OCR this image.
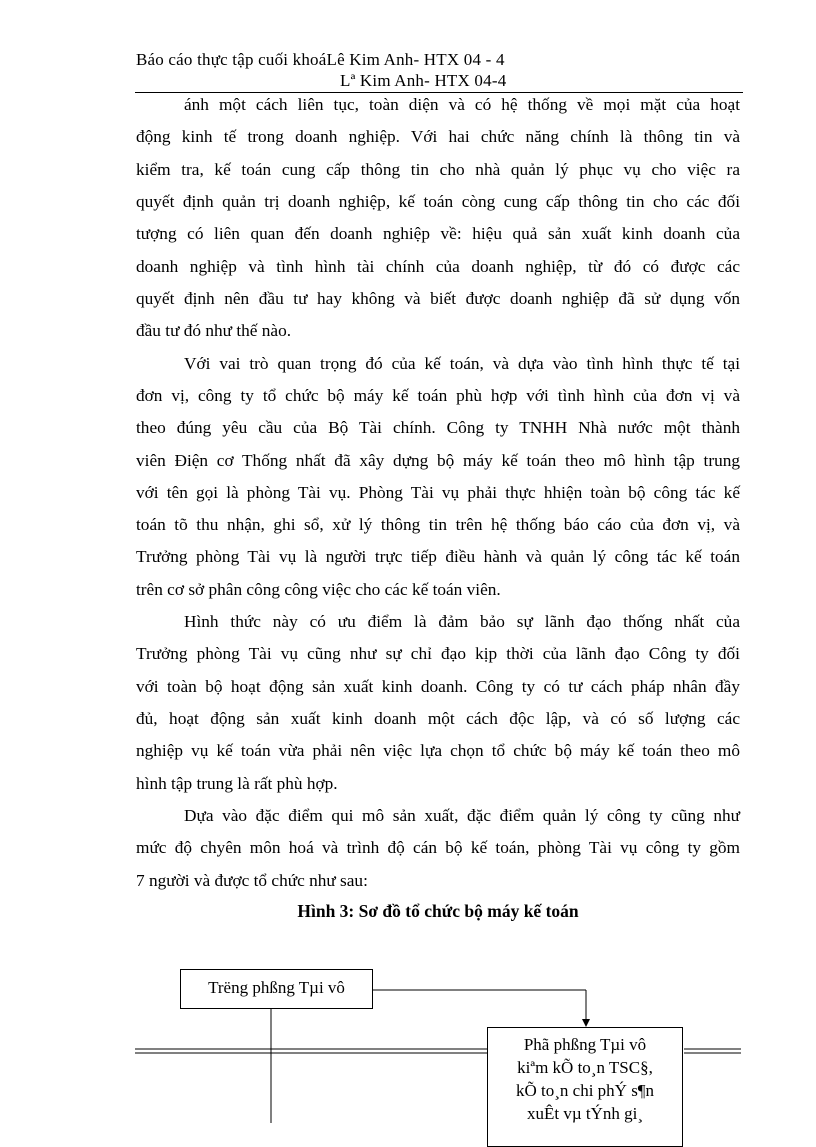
Báo cáo thực tập cuối khoáLê Kim Anh- HTX 04 - 4
Lª Kim Anh- HTX 04-4
ánh một cách liên tục, toàn diện và có hệ thống về mọi mặt của hoạt
động kinh tế trong doanh nghiệp. Với hai chức năng chính là thông tin và
kiểm tra, kế toán cung cấp thông tin cho nhà quản lý phục vụ cho việc ra
quyết định quản trị doanh nghiệp, kế toán còng cung cấp thông tin cho các đối
tượng có liên quan đến doanh nghiệp về: hiệu quả sản xuất kinh doanh của
doanh nghiệp và tình hình tài chính của doanh nghiệp, từ đó có được các
quyết định nên đầu tư hay không và biết được doanh nghiệp đã sử dụng vốn
đầu tư đó như thế nào.
Với vai trò quan trọng đó của kế toán, và dựa vào tình hình thực tế tại
đơn vị, công ty tổ chức bộ máy kế toán phù hợp với tình hình của đơn vị và
theo đúng yêu cầu của Bộ Tài chính. Công ty TNHH Nhà nước một thành
viên Điện cơ Thống nhất đã xây dựng bộ máy kế toán theo mô hình tập trung
với tên gọi là phòng Tài vụ. Phòng Tài vụ phải thực hhiện toàn bộ công tác kế
toán tõ thu nhận, ghi sổ, xử lý thông tin trên hệ thống báo cáo của đơn vị, và
Trưởng phòng Tài vụ là người trực tiếp điều hành và quản lý công tác kế toán
trên cơ sở phân công công việc cho các kế toán viên.
Hình thức này có ưu điểm là đảm bảo sự lãnh đạo thống nhất của
Trưởng phòng Tài vụ cũng như sự chỉ đạo kịp thời của lãnh đạo Công ty đối
với toàn bộ hoạt động sản xuất kinh doanh. Công ty có tư cách pháp nhân đầy
đủ, hoạt động sản xuất kinh doanh một cách độc lập, và có số lượng các
nghiệp vụ kế toán vừa phải nên việc lựa chọn tổ chức bộ máy kế toán theo mô
hình tập trung là rất phù hợp.
Dựa vào đặc điểm qui mô sản xuất, đặc điểm quản lý công ty cũng như
mức độ chyên môn hoá và trình độ cán bộ kế toán, phòng Tài vụ công ty gồm
7 người và được tổ chức như sau:
Hình 3: Sơ đồ tổ chức bộ máy kế toán
Trëng phßng Tµi vô
Phã phßng Tµi vô
kiªm kÕ to¸n TSC§,
kÕ to¸n chi phÝ s¶n
xuÊt vµ tÝnh gi¸
